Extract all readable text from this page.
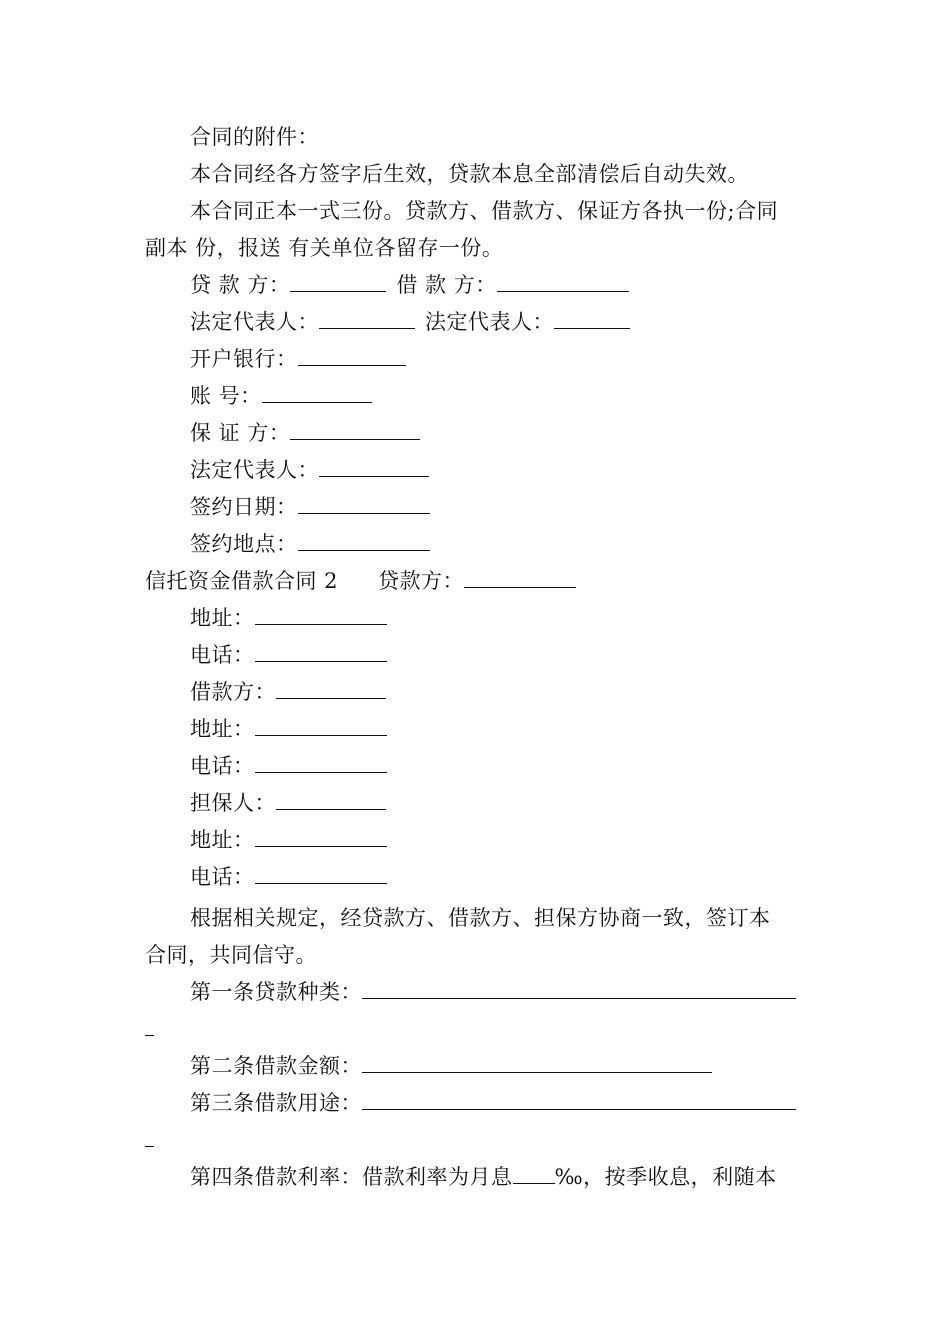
合同的附件：
本合同经各方签字后生效，贷款本息全部清偿后自动失效。
本合同正本一式三份。贷款方、借款方、保证方各执一份;合同
副本 份，报送 有关单位各留存一份。
贷 款 方：	借 款 方：
法定代表人：	法定代表人：
开户银行：
账 号：
保 证 方：
法定代表人：
签约日期：
签约地点：
信托资金借款合同 2 贷款方：
地址：
电话：
借款方：
地址：
电话：
担保人：
地址：
电话：
根据相关规定，经贷款方、借款方、担保方协商一致，签订本
合同，共同信守。
第一条贷款种类：
第二条借款金额：
第三条借款用途：
第四条借款利率：借款利率为月息 ‰，按季收息，利随本
